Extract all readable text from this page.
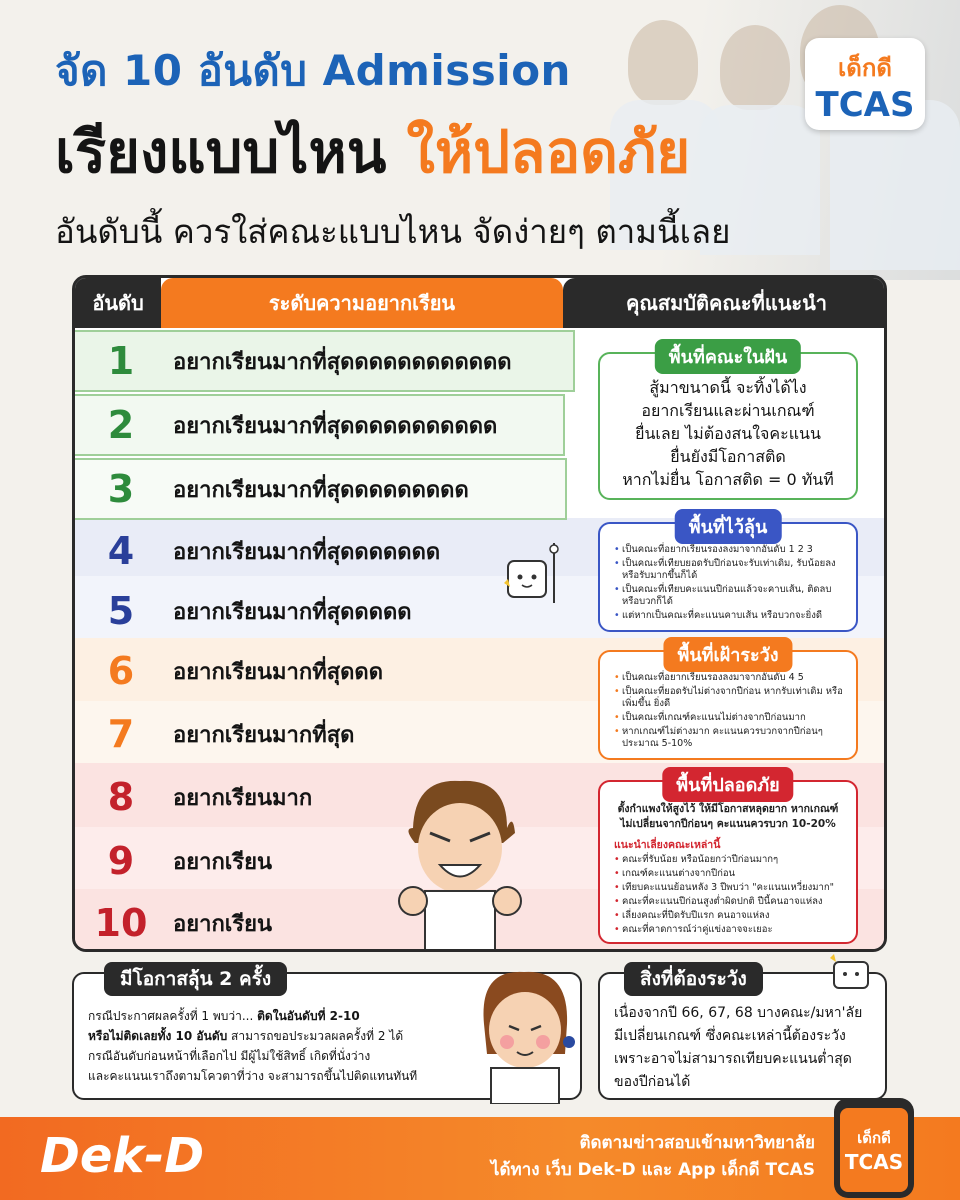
จัด 10 อันดับ Admission
เรียงแบบไหน ให้ปลอดภัย
อันดับนี้ ควรใส่คณะแบบไหน จัดง่ายๆ ตามนี้เลย
เด็กดี
TCAS
อันดับ	ระดับความอยากเรียน	คุณสมบัติคณะที่แนะนำ
1	อยากเรียนมากที่สุดดดดดดดดดดดด
2	อยากเรียนมากที่สุดดดดดดดดดดด
3	อยากเรียนมากที่สุดดดดดดดดด
4	อยากเรียนมากที่สุดดดดดดด
5	อยากเรียนมากที่สุดดดดด
6	อยากเรียนมากที่สุดดด
7	อยากเรียนมากที่สุด
8	อยากเรียนมาก
9	อยากเรียน
10	อยากเรียน
พื้นที่คณะในฝัน
สู้มาขนาดนี้ จะทิ้งได้ไง
อยากเรียนและผ่านเกณฑ์
ยื่นเลย ไม่ต้องสนใจคะแนน
ยื่นยังมีโอกาสติด
หากไม่ยื่น โอกาสติด = 0 ทันที
พื้นที่ไว้ลุ้น
• เป็นคณะที่อยากเรียนรองลงมาจากอันดับ 1 2 3
• เป็นคณะที่เทียบยอดรับปีก่อนจะรับเท่าเดิม, รับน้อยลง หรือรับมากขึ้นก็ได้
• เป็นคณะที่เทียบคะแนนปีก่อนแล้วจะคาบเส้น, ติดลบ หรือบวกก็ได้
• แต่หากเป็นคณะที่คะแนนคาบเส้น หรือบวกจะยิ่งดี
พื้นที่เฝ้าระวัง
• เป็นคณะที่อยากเรียนรองลงมาจากอันดับ 4 5
• เป็นคณะที่ยอดรับไม่ต่างจากปีก่อน หากรับเท่าเดิม หรือเพิ่มขึ้น ยิ่งดี
• เป็นคณะที่เกณฑ์คะแนนไม่ต่างจากปีก่อนมาก
• หากเกณฑ์ไม่ต่างมาก คะแนนควรบวกจากปีก่อนๆ ประมาณ 5-10%
พื้นที่ปลอดภัย
ตั้งกำแพงให้สูงไว้ ให้มีโอกาสหลุดยาก หากเกณฑ์
ไม่เปลี่ยนจากปีก่อนๆ คะแนนควรบวก 10-20%
แนะนำเลี่ยงคณะเหล่านี้
• คณะที่รับน้อย หรือน้อยกว่าปีก่อนมากๆ
• เกณฑ์คะแนนต่างจากปีก่อน
• เทียบคะแนนย้อนหลัง 3 ปีพบว่า "คะแนนเหวี่ยงมาก"
• คณะที่คะแนนปีก่อนสูงต่ำผิดปกติ ปีนี้คนอาจแห่ลง
• เลี่ยงคณะที่ปีดรับปีแรก คนอาจแห่ลง
• คณะที่คาดการณ์ว่าคู่แข่งอาจจะเยอะ
มีโอกาสลุ้น 2 ครั้ง
กรณีประกาศผลครั้งที่ 1 พบว่า... ติดในอันดับที่ 2-10
หรือไม่ติดเลยทั้ง 10 อันดับ สามารถขอประมวลผลครั้งที่ 2 ได้
กรณีอันดับก่อนหน้าที่เลือกไป มีผู้ไม่ใช้สิทธิ์ เกิดที่นั่งว่าง
และคะแนนเราถึงตามโควตาที่ว่าง จะสามารถขึ้นไปติดแทนทันที
สิ่งที่ต้องระวัง
เนื่องจากปี 66, 67, 68 บางคณะ/มหา'ลัย
มีเปลี่ยนเกณฑ์ ซึ่งคณะเหล่านี้ต้องระวัง
เพราะอาจไม่สามารถเทียบคะแนนต่ำสุด
ของปีก่อนได้
Dek-D	ติดตามข่าวสอบเข้ามหาวิทยาลัย
ได้ทาง เว็บ Dek-D และ App เด็กดี TCAS
เด็กดี
TCAS
